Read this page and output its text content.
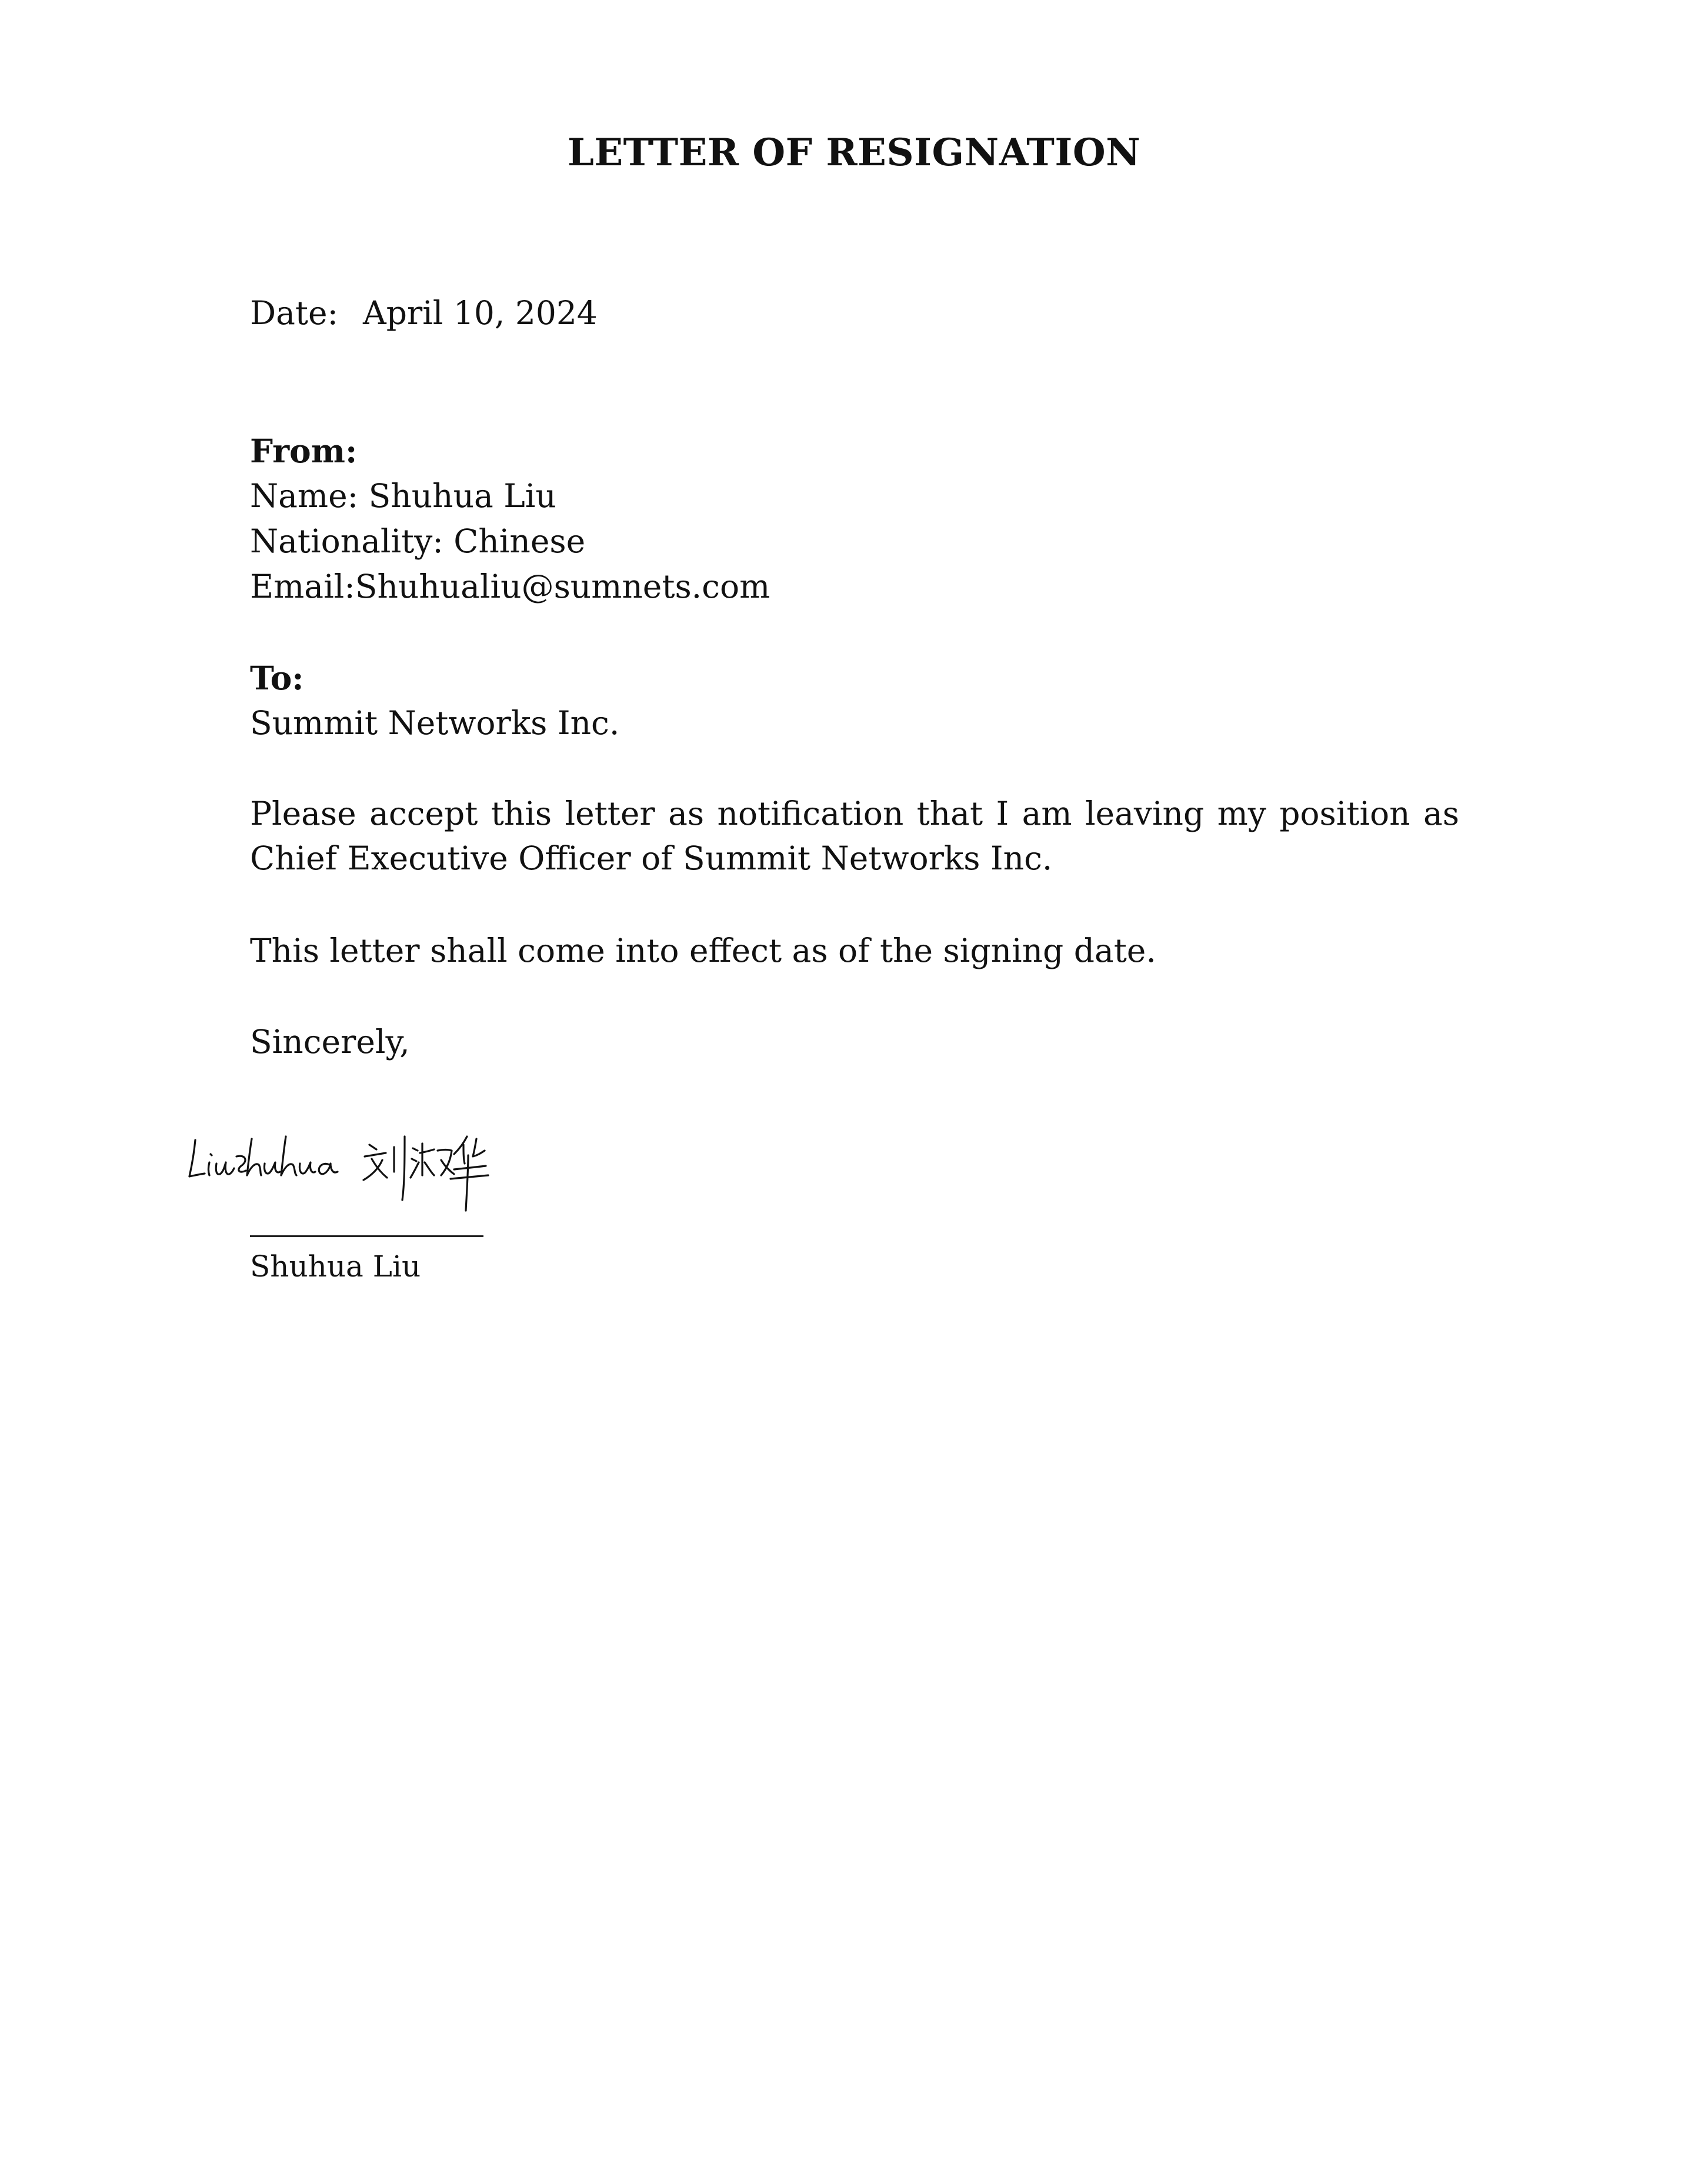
LETTER OF RESIGNATION
Date: April 10, 2024
From:
Name: Shuhua Liu
Nationality: Chinese
Email:Shuhualiu@sumnets.com
To:
Summit Networks Inc.
Please accept this letter as notification that I am leaving my position as Chief Executive Officer of Summit Networks Inc.
This letter shall come into effect as of the signing date.
Sincerely,
Shuhua Liu
